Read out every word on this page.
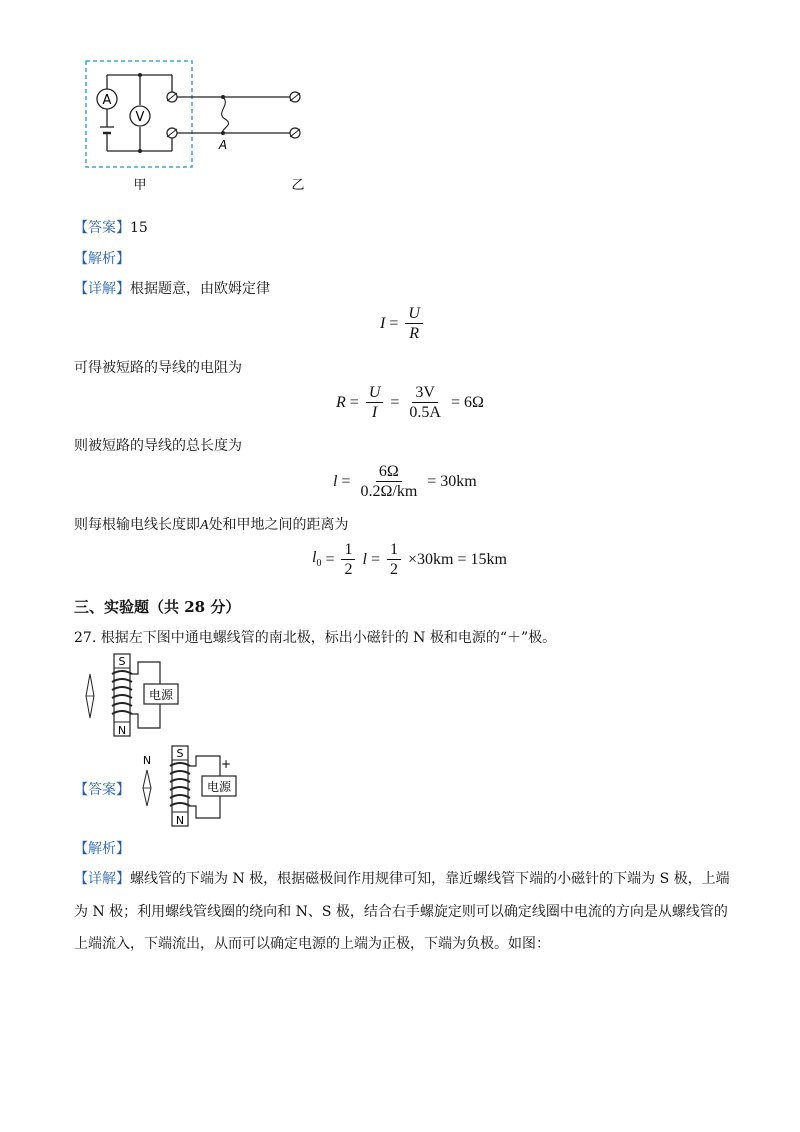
A
V
A
甲	乙
【答案】15
【解析】
【详解】根据题意，由欧姆定律
$I = \frac{U}{R}$
可得被短路的导线的电阻为
$R = \frac{U}{I} = \frac{3V}{0.5A} = 6\Omega$
则被短路的导线的总长度为
$l = \frac{6\Omega}{0.2\Omega/km} = 30km$
则每根输电线长度即A处和甲地之间的距离为
$l_0 = \frac{1}{2}$ $l = \frac{1}{2} \times 30km = 15km$
三、实验题（共 28 分）
27. 根据左下图中通电螺线管的南北极，标出小磁针的 N 极和电源的“＋”极。
S
N
电源
【答案】
N
S
N
+
电源
【解析】
【详解】螺线管的下端为 N 极，根据磁极间作用规律可知，靠近螺线管下端的小磁针的下端为 S 极，上端
为 N 极；利用螺线管线圈的绕向和 N、S 极，结合右手螺旋定则可以确定线圈中电流的方向是从螺线管的
上端流入，下端流出，从而可以确定电源的上端为正极，下端为负极。如图：
